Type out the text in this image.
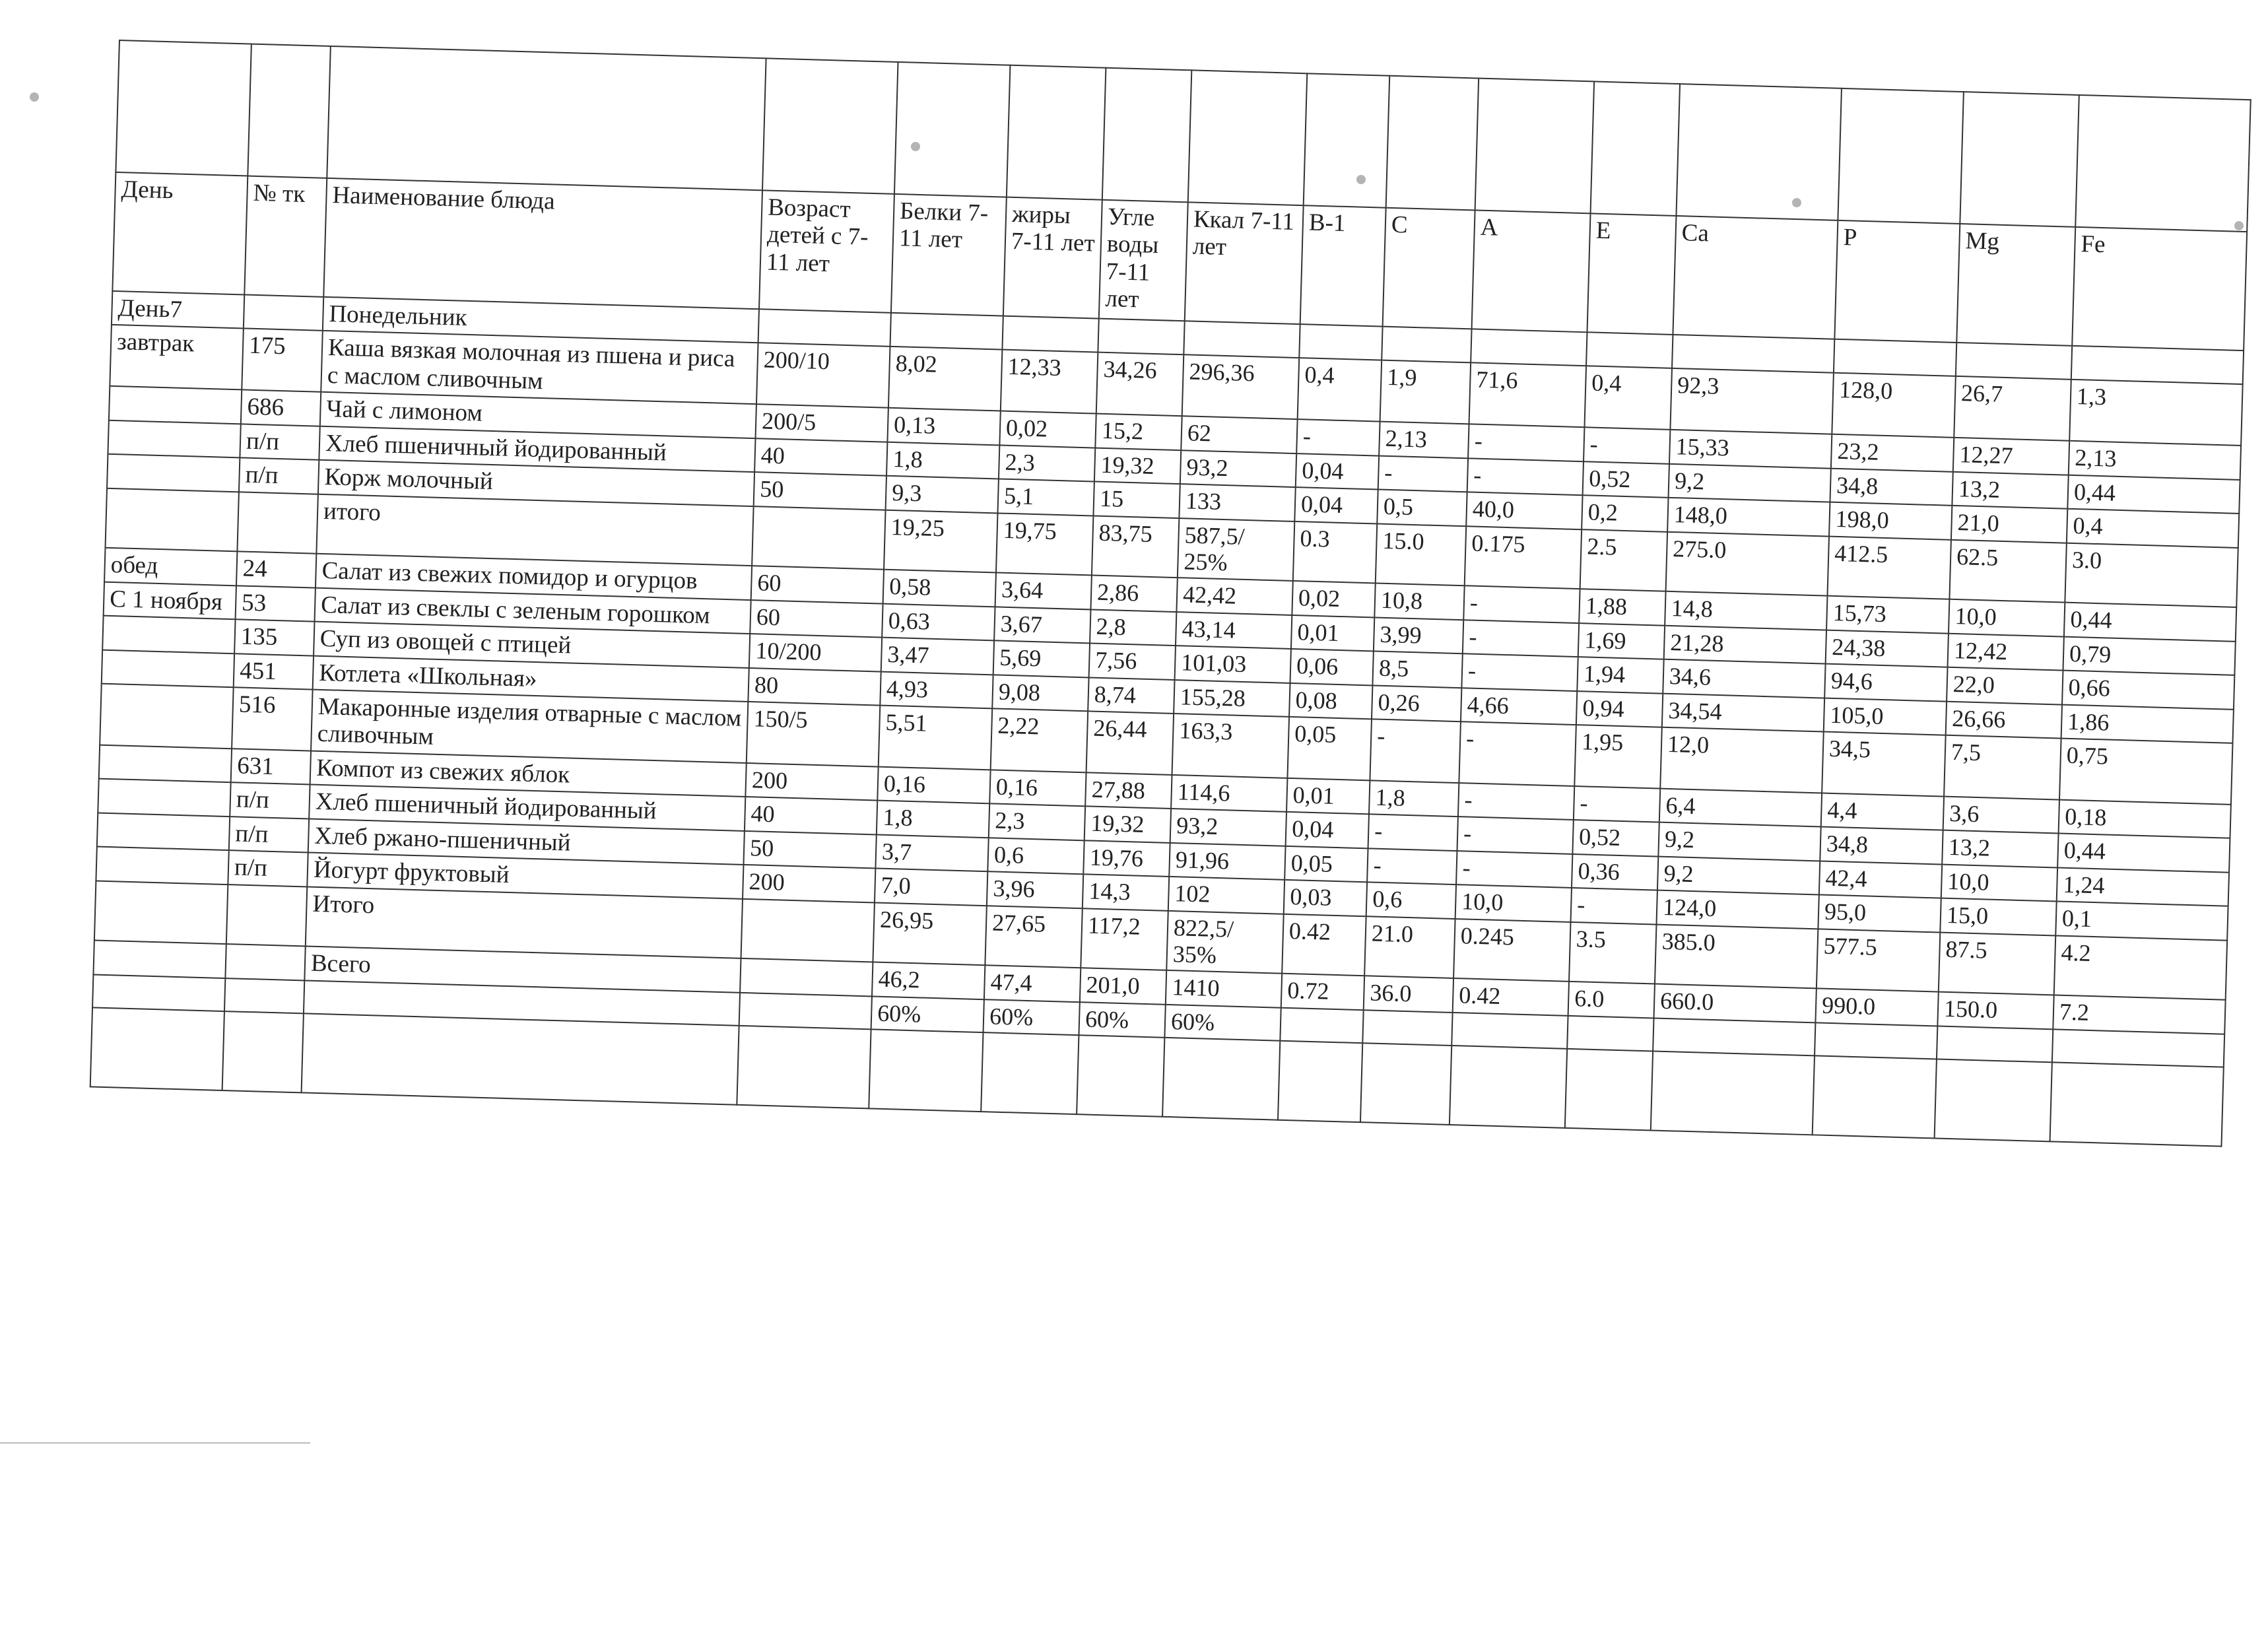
День	№ тк	Наименование блюда	Возраст детей с 7-11 лет	Белки 7-11 лет	жиры 7-11 лет	Угле воды 7-11 лет	Ккал 7-11 лет	В-1	С	А	Е	Са	Р	Mg	Fe
День7		Понедельник													
завтрак	175	Каша вязкая молочная из пшена и риса с маслом сливочным	200/10	8,02	12,33	34,26	296,36	0,4	1,9	71,6	0,4	92,3	128,0	26,7	1,3
	686	Чай с лимоном	200/5	0,13	0,02	15,2	62	-	2,13	-	-	15,33	23,2	12,27	2,13
	п/п	Хлеб пшеничный йодированный	40	1,8	2,3	19,32	93,2	0,04	-	-	0,52	9,2	34,8	13,2	0,44
	п/п	Корж молочный	50	9,3	5,1	15	133	0,04	0,5	40,0	0,2	148,0	198,0	21,0	0,4
		итого		19,25	19,75	83,75	587,5/ 25%	0.3	15.0	0.175	2.5	275.0	412.5	62.5	3.0
обед	24	Салат из свежих помидор и огурцов	60	0,58	3,64	2,86	42,42	0,02	10,8	-	1,88	14,8	15,73	10,0	0,44
С 1 ноября	53	Салат из свеклы с зеленым горошком	60	0,63	3,67	2,8	43,14	0,01	3,99	-	1,69	21,28	24,38	12,42	0,79
	135	Суп из овощей с птицей	10/200	3,47	5,69	7,56	101,03	0,06	8,5	-	1,94	34,6	94,6	22,0	0,66
	451	Котлета «Школьная»	80	4,93	9,08	8,74	155,28	0,08	0,26	4,66	0,94	34,54	105,0	26,66	1,86
	516	Макаронные изделия отварные с маслом сливочным	150/5	5,51	2,22	26,44	163,3	0,05	-	-	1,95	12,0	34,5	7,5	0,75
	631	Компот из свежих яблок	200	0,16	0,16	27,88	114,6	0,01	1,8	-	-	6,4	4,4	3,6	0,18
	п/п	Хлеб пшеничный йодированный	40	1,8	2,3	19,32	93,2	0,04	-	-	0,52	9,2	34,8	13,2	0,44
	п/п	Хлеб ржано-пшеничный	50	3,7	0,6	19,76	91,96	0,05	-	-	0,36	9,2	42,4	10,0	1,24
	п/п	Йогурт фруктовый	200	7,0	3,96	14,3	102	0,03	0,6	10,0	-	124,0	95,0	15,0	0,1
		Итого		26,95	27,65	117,2	822,5/ 35%	0.42	21.0	0.245	3.5	385.0	577.5	87.5	4.2
		Всего		46,2	47,4	201,0	1410	0.72	36.0	0.42	6.0	660.0	990.0	150.0	7.2
				60%	60%	60%	60%								
